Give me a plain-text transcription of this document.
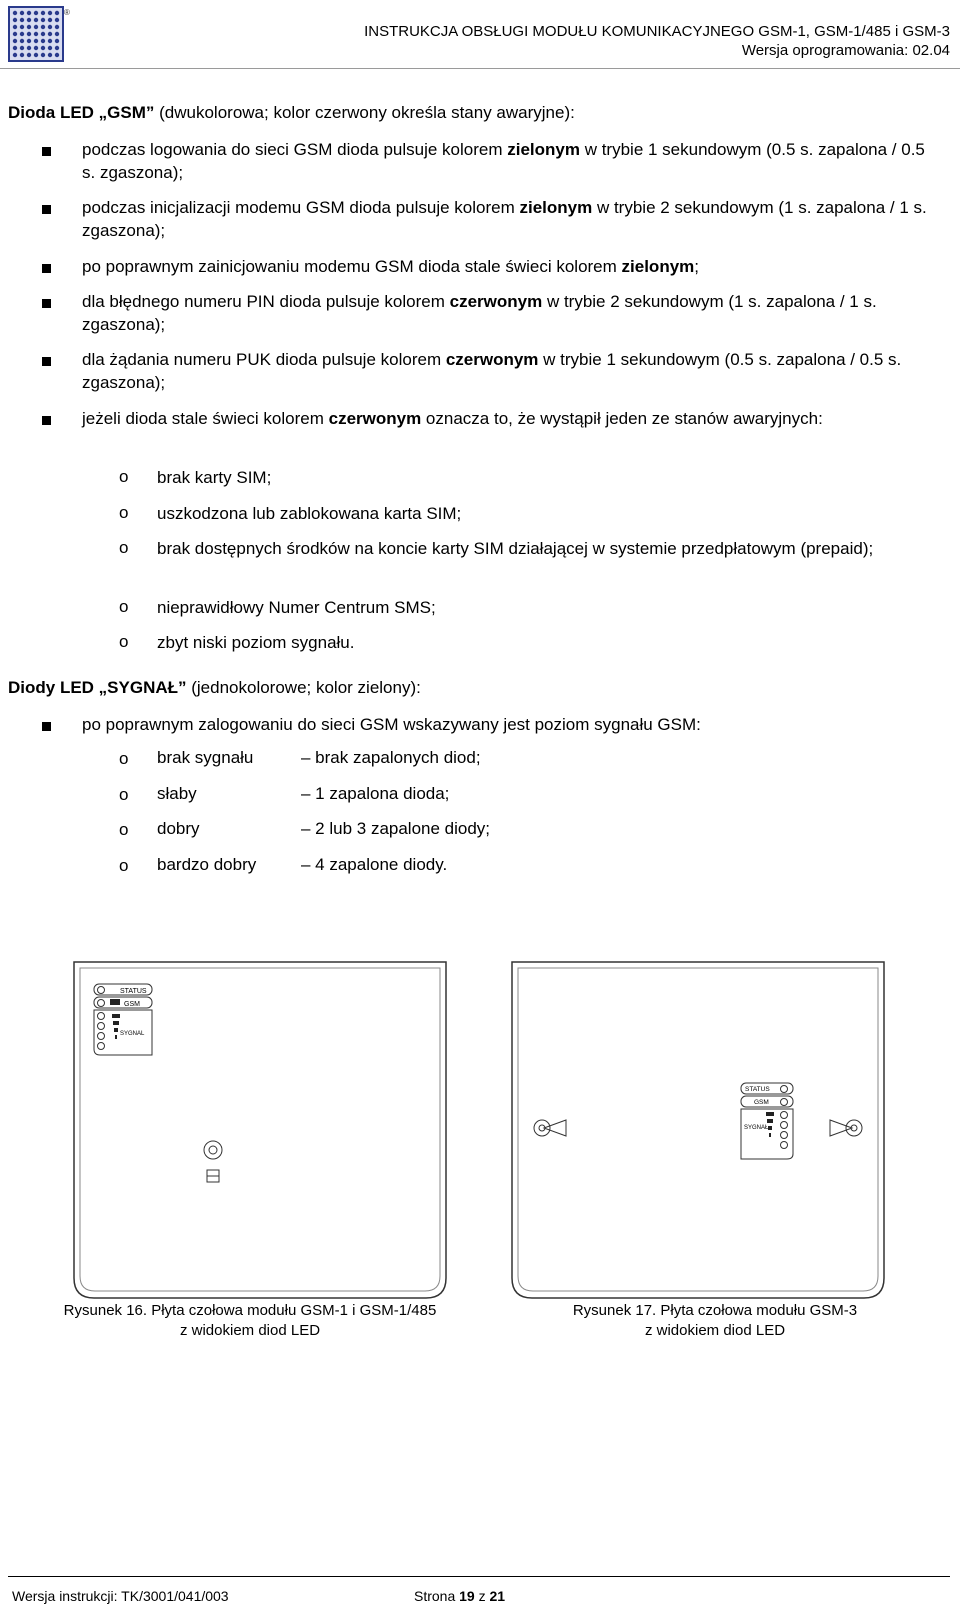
®
INSTRUKCJA OBSŁUGI MODUŁU KOMUNIKACYJNEGO GSM-1, GSM-1/485 i GSM-3
Wersja oprogramowania: 02.04
Dioda LED „GSM” (dwukolorowa; kolor czerwony określa stany awaryjne):
podczas logowania do sieci GSM dioda pulsuje kolorem zielonym w trybie 1 sekundowym (0.5 s. zapalona / 0.5 s. zgaszona);
podczas inicjalizacji modemu GSM dioda pulsuje kolorem zielonym w trybie 2 sekundowym (1 s. zapalona / 1 s. zgaszona);
po poprawnym zainicjowaniu modemu GSM dioda stale świeci kolorem zielonym;
dla błędnego numeru PIN dioda pulsuje kolorem czerwonym w trybie 2 sekundowym (1 s. zapalona / 1 s. zgaszona);
dla żądania numeru PUK dioda pulsuje kolorem czerwonym w trybie 1 sekundowym (0.5 s. zapalona / 0.5 s. zgaszona);
jeżeli dioda stale świeci kolorem czerwonym oznacza to, że wystąpił jeden ze stanów awaryjnych:
o brak karty SIM;
o uszkodzona lub zablokowana karta SIM;
o brak dostępnych środków na koncie karty SIM działającej w systemie przedpłatowym (prepaid);
o nieprawidłowy Numer Centrum SMS;
o zbyt niski poziom sygnału.
Diody LED „SYGNAŁ” (jednokolorowe; kolor zielony):
po poprawnym zalogowaniu do sieci GSM wskazywany jest poziom sygnału GSM:
o brak sygnału	– brak zapalonych diod;
o słaby	– 1 zapalona dioda;
o dobry	– 2 lub 3 zapalone diody;
o bardzo dobry	– 4 zapalone diody.
STATUS
GSM
SYGNAL
STATUS
GSM
SYGNAŁ
Rysunek 16. Płyta czołowa modułu GSM-1 i GSM-1/485
z widokiem diod LED
Rysunek 17. Płyta czołowa modułu GSM-3
z widokiem diod LED
Wersja instrukcji: TK/3001/041/003	Strona 19 z 21
